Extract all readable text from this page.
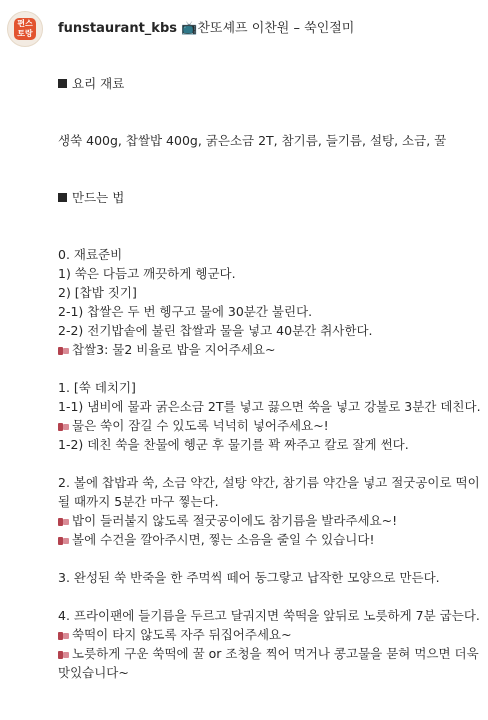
편스
토랑 funstaurant_kbs 📺찬또셰프 이찬원 – 쑥인절미

요리 재료

생쑥 400g, 찹쌀밥 400g, 굵은소금 2T, 참기름, 들기름, 설탕, 소금, 꿀

만드는 법

0. 재료준비
1) 쑥은 다듬고 깨끗하게 헹군다.
2) [찹밥 짓기]
2-1) 찹쌀은 두 번 헹구고 물에 30분간 불린다.
2-2) 전기밥솥에 불린 찹쌀과 물을 넣고 40분간 취사한다.
찹쌀3: 물2 비율로 밥을 지어주세요~

1. [쑥 데치기]
1-1) 냄비에 물과 굵은소금 2T를 넣고 끓으면 쑥을 넣고 강불로 3분간 데친다.
물은 쑥이 잠길 수 있도록 넉넉히 넣어주세요~!
1-2) 데친 쑥을 찬물에 헹군 후 물기를 꽉 짜주고 칼로 잘게 썬다.

2. 볼에 찹밥과 쑥, 소금 약간, 설탕 약간, 참기름 약간을 넣고 절굿공이로 떡이 될 때까지 5분간 마구 찧는다.
밥이 들러붙지 않도록 절굿공이에도 참기름을 발라주세요~!
볼에 수건을 깔아주시면, 찧는 소음을 줄일 수 있습니다!

3. 완성된 쑥 반죽을 한 주먹씩 떼어 동그랗고 납작한 모양으로 만든다.

4. 프라이팬에 들기름을 두르고 달궈지면 쑥떡을 앞뒤로 노릇하게 7분 굽는다.
쑥떡이 타지 않도록 자주 뒤집어주세요~
노릇하게 구운 쑥떡에 꿀 or 조청을 찍어 먹거나 콩고물을 묻혀 먹으면 더욱 맛있습니다~
